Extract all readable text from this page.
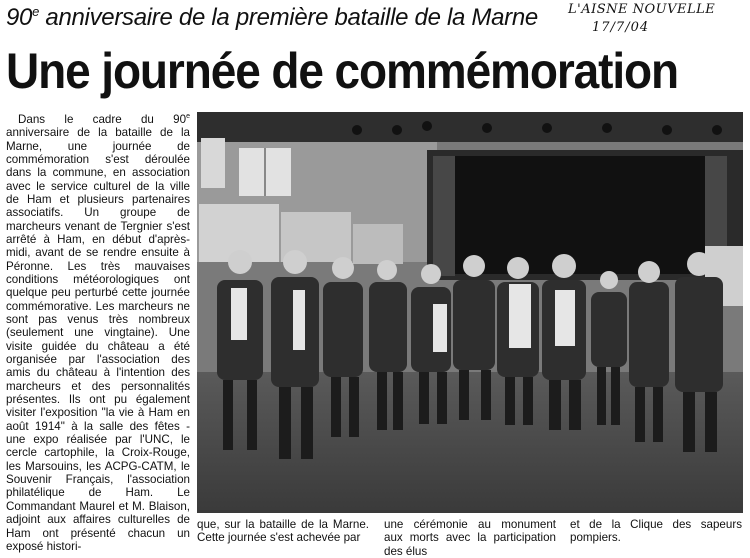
90e anniversaire de la première bataille de la Marne L'AISNE NOUVELLE
17/7/04
Une journée de commémoration

Dans le cadre du 90e anniversaire de la bataille de la Marne, une journée de commémoration s'est déroulée dans la commune, en association avec le service culturel de la ville de Ham et plusieurs partenaires associatifs. Un groupe de marcheurs venant de Tergnier s'est arrêté à Ham, en début d'après-midi, avant de se rendre ensuite à Péronne. Les très mauvaises conditions météorologiques ont quelque peu perturbé cette journée commémorative. Les marcheurs ne sont pas venus très nombreux (seulement une vingtaine). Une visite guidée du château a été organisée par l'association des amis du château à l'intention des marcheurs et des personnalités présentes. Ils ont pu également visiter l'exposition "la vie à Ham en août 1914" à la salle des fêtes - une expo réalisée par l'UNC, le cercle cartophile, la Croix-Rouge, les Marsouins, les ACPG-CATM, le Souvenir Français, l'association philatélique de Ham. Le Commandant Maurel et M. Blaison, adjoint aux affaires culturelles de Ham ont présenté chacun un exposé histori-

que, sur la bataille de la Marne. Cette journée s'est achevée par
une cérémonie au monument aux morts avec la participation des élus
et de la Clique des sapeurs pompiers.
